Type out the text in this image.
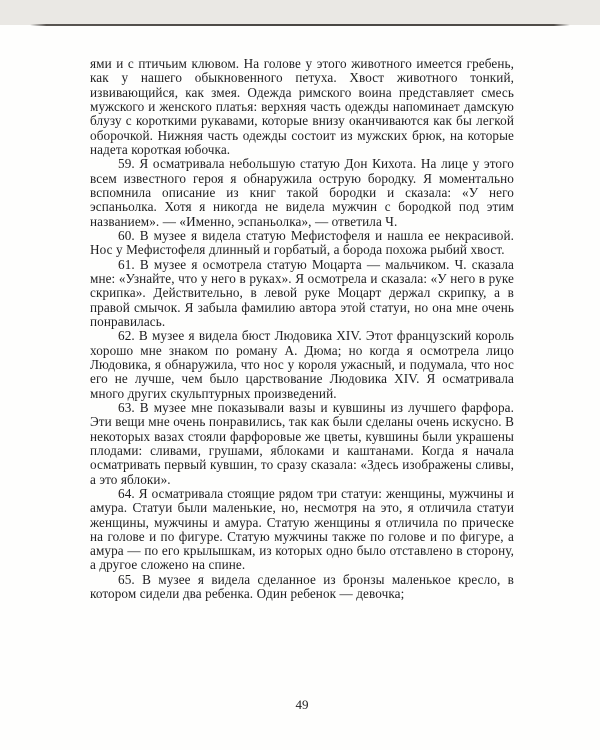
ями и с птичьим клювом. На голове у этого животного имеется гребень, как у нашего обыкновенного петуха. Хвост животного тонкий, извивающийся, как змея. Одежда римского воина представляет смесь мужского и женского платья: верхняя часть одежды напоминает дамскую блузу с короткими рукавами, которые внизу оканчиваются как бы легкой оборочкой. Нижняя часть одежды состоит из мужских брюк, на которые надета короткая юбочка.

59. Я осматривала небольшую статую Дон Кихота. На лице у этого всем известного героя я обнаружила острую бородку. Я моментально вспомнила описание из книг такой бородки и сказала: «У него эспаньолка. Хотя я никогда не видела мужчин с бородкой под этим названием». — «Именно, эспаньолка», — ответила Ч.

60. В музее я видела статую Мефистофеля и нашла ее некрасивой. Нос у Мефистофеля длинный и горбатый, а борода похожа рыбий хвост.

61. В музее я осмотрела статую Моцарта — мальчиком. Ч. сказала мне: «Узнайте, что у него в руках». Я осмотрела и сказала: «У него в руке скрипка». Действительно, в левой руке Моцарт держал скрипку, а в правой смычок. Я забыла фамилию автора этой статуи, но она мне очень понравилась.

62. В музее я видела бюст Людовика XIV. Этот французский король хорошо мне знаком по роману А. Дюма; но когда я осмотрела лицо Людовика, я обнаружила, что нос у короля ужасный, и подумала, что нос его не лучше, чем было царствование Людовика XIV. Я осматривала много других скульптурных произведений.

63. В музее мне показывали вазы и кувшины из лучшего фарфора. Эти вещи мне очень понравились, так как были сделаны очень искусно. В некоторых вазах стояли фарфоровые же цветы, кувшины были украшены плодами: сливами, грушами, яблоками и каштанами. Когда я начала осматривать первый кувшин, то сразу сказала: «Здесь изображены сливы, а это яблоки».

64. Я осматривала стоящие рядом три статуи: женщины, мужчины и амура. Статуи были маленькие, но, несмотря на это, я отличила статуи женщины, мужчины и амура. Статую женщины я отличила по прическе на голове и по фигуре. Статую мужчины также по голове и по фигуре, а амура — по его крылышкам, из которых одно было отставлено в сторону, а другое сложено на спине.

65. В музее я видела сделанное из бронзы маленькое кресло, в котором сидели два ребенка. Один ребенок — девочка;

49
